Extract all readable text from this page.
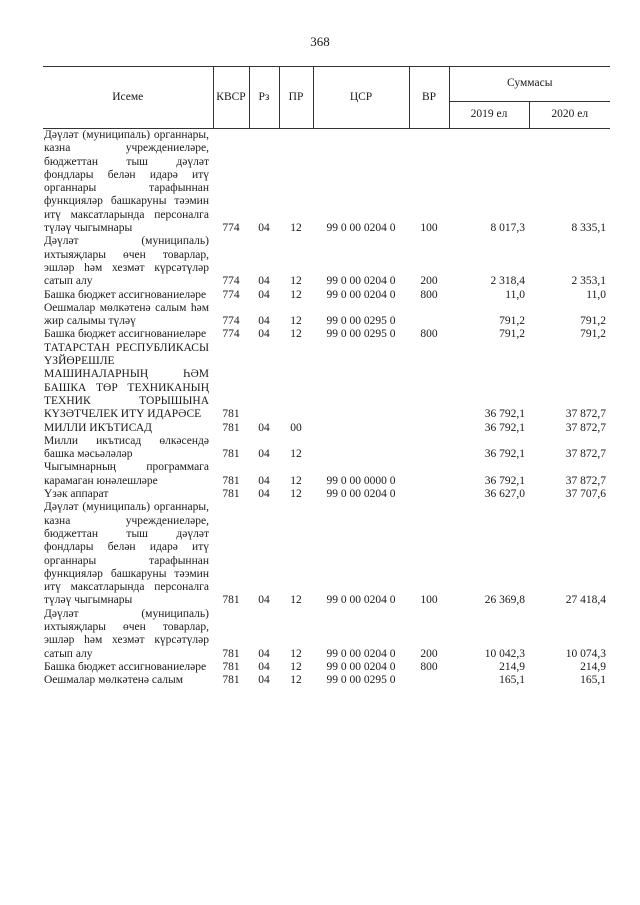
368
Исеме	КВСР	Рз	ПР	ЦСР	ВР	Суммасы	
						2019 ел	2020 ел
Дәүләт (муниципаль) органнары, казна учреждениеләре, бюджеттан тыш дәүләт фондлары белән идарә итү органнары тарафыннан функцияләр башкаруны тәэмин итү максатларында персоналга түләү чыгымнары	774	04	12	99 0 00 0204 0	100	8 017,3	8 335,1
Дәүләт (муниципаль) ихтыяҗлары өчен товарлар, эшләр һәм хезмәт күрсәтүләр сатып алу	774	04	12	99 0 00 0204 0	200	2 318,4	2 353,1
Башка бюджет ассигнованиеләре	774	04	12	99 0 00 0204 0	800	11,0	11,0
Оешмалар мөлкәтенә салым һәм жир салымы түләү	774	04	12	99 0 00 0295 0		791,2	791,2
Башка бюджет ассигнованиеләре	774	04	12	99 0 00 0295 0	800	791,2	791,2
ТАТАРСТАН РЕСПУБЛИКАСЫ ҮЗЙӨРЕШЛЕ МАШИНАЛАРНЫҢ ҺӘМ БАШКА ТӨР ТЕХНИКАНЫҢ ТЕХНИК ТОРЫШЫНА КҮЗӘТЧЕЛЕК ИТҮ ИДАРӘСЕ	781					36 792,1	37 872,7
МИЛЛИ ИКЪТИСАД	781	04	00			36 792,1	37 872,7
Милли икътисад өлкәсендә башка мәсьәләләр	781	04	12			36 792,1	37 872,7
Чыгымнарның программага карамаган юнәлешләре	781	04	12	99 0 00 0000 0		36 792,1	37 872,7
Үзәк аппарат	781	04	12	99 0 00 0204 0		36 627,0	37 707,6
Дәүләт (муниципаль) органнары, казна учреждениеләре, бюджеттан тыш дәүләт фондлары белән идарә итү органнары тарафыннан функцияләр башкаруны тәэмин итү максатларында персоналга түләү чыгымнары	781	04	12	99 0 00 0204 0	100	26 369,8	27 418,4
Дәүләт (муниципаль) ихтыяҗлары өчен товарлар, эшләр һәм хезмәт күрсәтүләр сатып алу	781	04	12	99 0 00 0204 0	200	10 042,3	10 074,3
Башка бюджет ассигнованиеләре	781	04	12	99 0 00 0204 0	800	214,9	214,9
Оешмалар мөлкәтенә салым	781	04	12	99 0 00 0295 0		165,1	165,1
